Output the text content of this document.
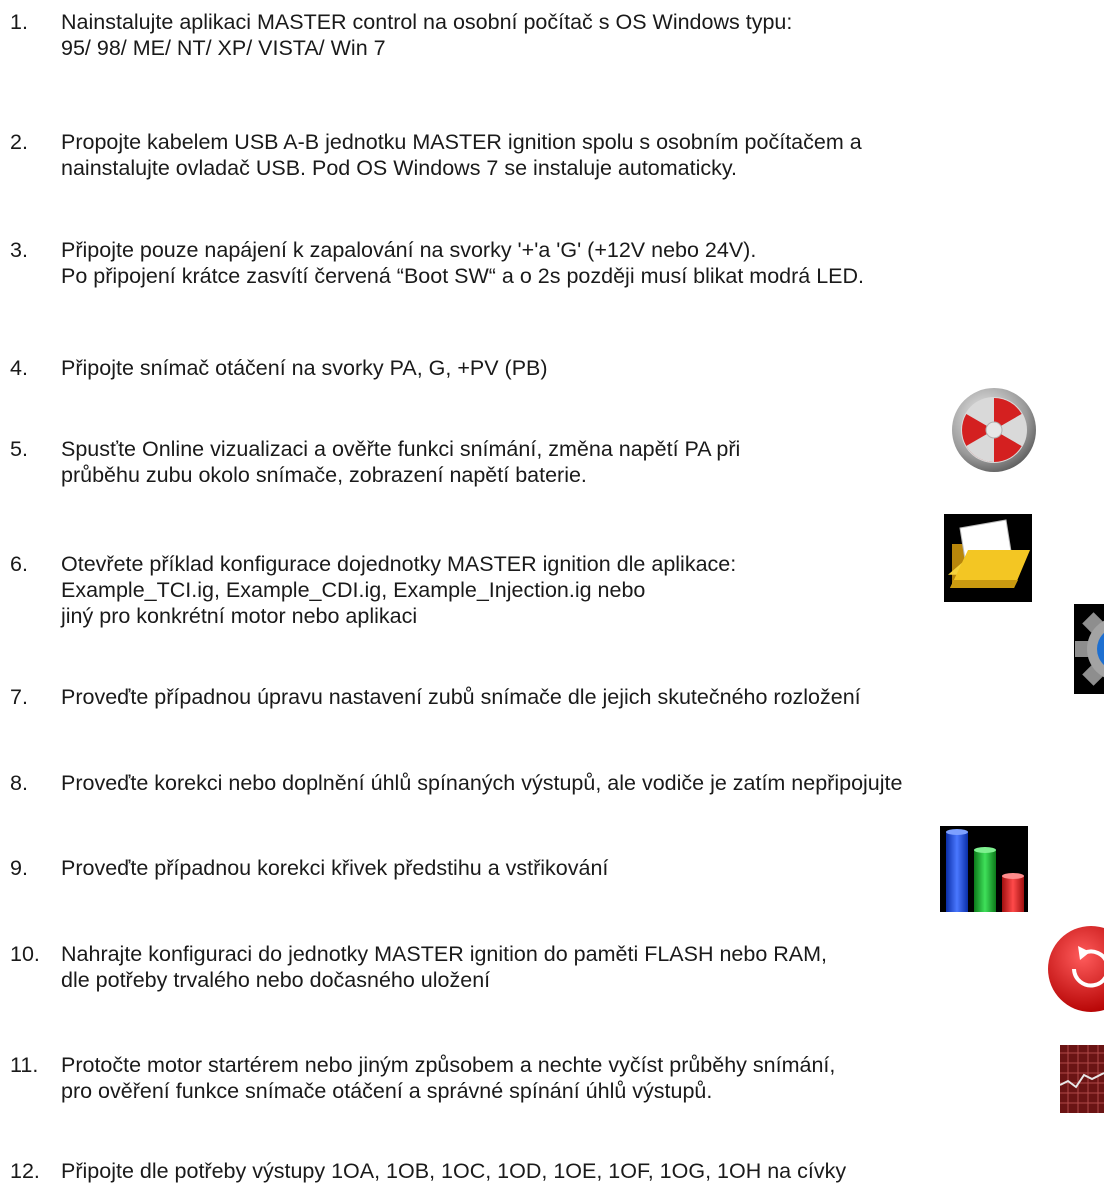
1. Nainstalujte aplikaci MASTER control na osobní počítač s OS Windows typu:
95/ 98/ ME/ NT/ XP/ VISTA/ Win 7
2. Propojte kabelem USB A-B jednotku MASTER ignition spolu s osobním počítačem a
nainstalujte ovladač USB. Pod OS Windows 7 se instaluje automaticky.
3. Připojte pouze napájení k zapalování na svorky '+'a 'G' (+12V nebo 24V).
Po připojení krátce zasvítí červená “Boot SW“ a o 2s později musí blikat modrá LED.
4. Připojte snímač otáčení na svorky PA, G, +PV (PB)
5. Spusťte Online vizualizaci a ověřte funkci snímání, změna napětí PA při
průběhu zubu okolo snímače, zobrazení napětí baterie.
6. Otevřete příklad konfigurace dojednotky MASTER ignition dle aplikace:
Example_TCI.ig, Example_CDI.ig, Example_Injection.ig nebo
jiný pro konkrétní motor nebo aplikaci
7. Proveďte případnou úpravu nastavení zubů snímače dle jejich skutečného rozložení
8. Proveďte korekci nebo doplnění úhlů spínaných výstupů, ale vodiče je zatím nepřipojujte
9. Proveďte případnou korekci křivek předstihu a vstřikování
10. Nahrajte konfiguraci do jednotky MASTER ignition do paměti FLASH nebo RAM,
dle potřeby trvalého nebo dočasného uložení
11. Protočte motor startérem nebo jiným způsobem a nechte vyčíst průběhy snímání,
pro ověření funkce snímače otáčení a správné spínání úhlů výstupů.
12. Připojte dle potřeby výstupy 1OA, 1OB, 1OC, 1OD, 1OE, 1OF, 1OG, 1OH na cívky
